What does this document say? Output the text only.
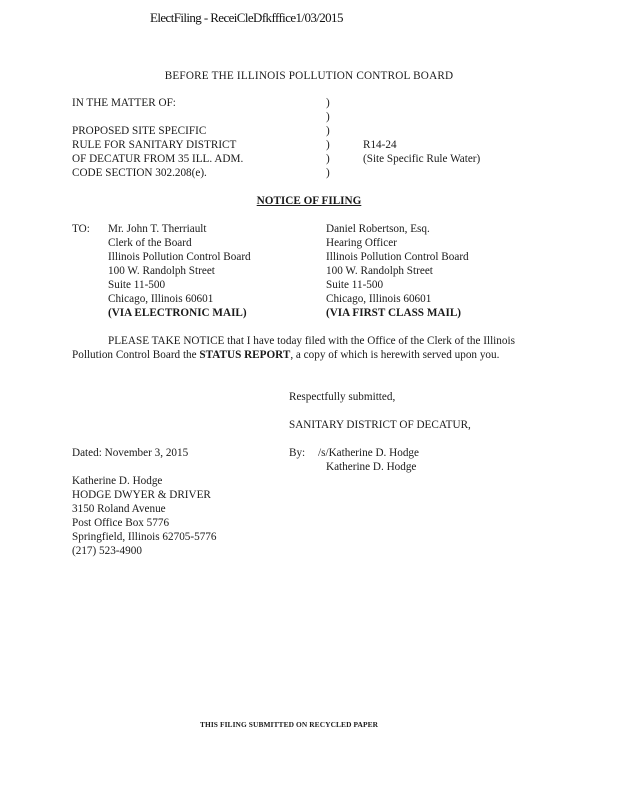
ElectFiling - ReceiCleDfkfffice1/03/2015
BEFORE THE ILLINOIS POLLUTION CONTROL BOARD
IN THE MATTER OF:
PROPOSED SITE SPECIFIC
RULE FOR SANITARY DISTRICT
OF DECATUR FROM 35 ILL. ADM.
CODE SECTION 302.208(e).
)
)
)
)
)
)
R14-24
(Site Specific Rule Water)
NOTICE OF FILING
TO: Mr. John T. Therriault
Clerk of the Board
Illinois Pollution Control Board
100 W. Randolph Street
Suite 11-500
Chicago, Illinois 60601
(VIA ELECTRONIC MAIL)
Daniel Robertson, Esq.
Hearing Officer
Illinois Pollution Control Board
100 W. Randolph Street
Suite 11-500
Chicago, Illinois 60601
(VIA FIRST CLASS MAIL)
PLEASE TAKE NOTICE that I have today filed with the Office of the Clerk of the Illinois Pollution Control Board the STATUS REPORT, a copy of which is herewith served upon you.
Respectfully submitted,
SANITARY DISTRICT OF DECATUR,
Dated: November 3, 2015	By: /s/Katherine D. Hodge
Katherine D. Hodge
Katherine D. Hodge
HODGE DWYER & DRIVER
3150 Roland Avenue
Post Office Box 5776
Springfield, Illinois 62705-5776
(217) 523-4900
THIS FILING SUBMITTED ON RECYCLED PAPER
